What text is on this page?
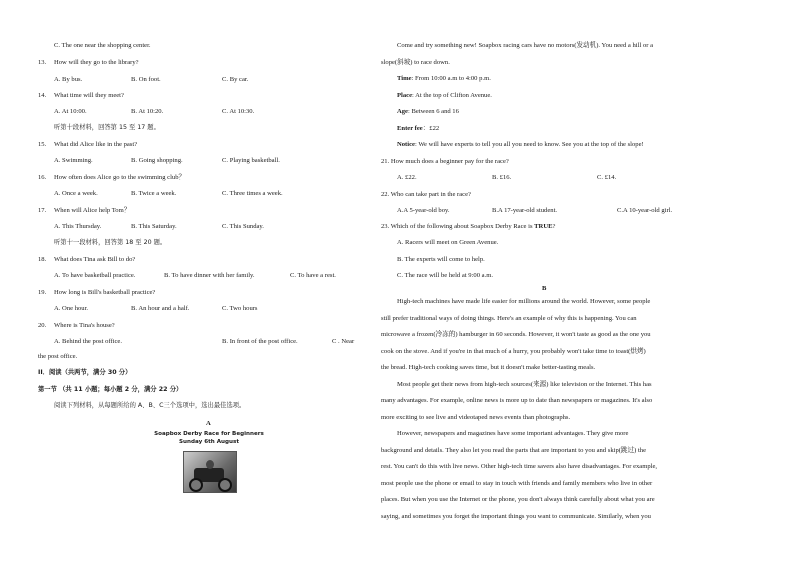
C. The one near the shopping center.
13. How will they go to the library?
A. By bus.	B. On foot.	C. By car.
14. What time will they meet?
A. At 10:00.	B. At 10:20.	C. At 10:30.
听第十段材料，回答第 15 至 17 题。
15. What did Alice like in the past?
A. Swimming.	B. Going shopping.	C. Playing basketball.
16. How often does Alice go to the swimming club？
A. Once a week.	B. Twice a week.	C. Three times a week.
17. When will Alice help Tom？
A. This Thursday.	B. This Saturday.	C. This Sunday.
听第十一段材料，回答第 18 至 20 题。
18. What does Tina ask Bill to do?
A. To have basketball practice.	B. To have dinner with her family.	C. To have a rest.
19. How long is Bill's basketball practice?
A. One hour.	B. An hour and a half.	C. Two hours
20. Where is Tina's house?
A. Behind the post office.	B. In front of the post office.	C . Near
the post office.
II．阅读（共两节，满分 30 分）
第一节 （共 11 小题；每小题 2 分，满分 22 分）
阅读下列材料，从每题所给的 A、B、C三个选项中，选出最佳选项。
A
Soapbox Derby Race for Beginners
Sunday 6th August
Come and try something new! Soapbox racing cars have no motors(发动机). You need a hill or a
slope(斜坡) to race down.
Time: From 10:00 a.m to 4:00 p.m.
Place: At the top of Clifton Avenue.
Age: Between 6 and 16
Enter fee：£22
Notice: We will have experts to tell you all you need to know. See you at the top of the slope!
21. How much does a beginner pay for the race?
A. £22.	B. £16.	C. £14.
22. Who can take part in the race?
A.A 5-year-old boy.	B.A 17-year-old student.	C.A 10-year-old girl.
23. Which of the following about Soapbox Derby Race is TRUE?
A. Racers will meet on Green Avenue.
B. The experts will come to help.
C. The race will be held at 9:00 a.m.
B
High-tech machines have made life easier for millions around the world. However, some people
still prefer traditional ways of doing things. Here's an example of why this is happening. You can
microwave a frozen(冷冻的) hamburger in 60 seconds. However, it won't taste as good as the one you
cook on the stove. And if you're in that much of a hurry, you probably won't take time to toast(烘烤)
the bread. High-tech cooking saves time, but it doesn't make better-tasting meals.
Most people get their news from high-tech sources(来源) like television or the Internet. This has
many advantages. For example, online news is more up to date than newspapers or magazines. It's also
more exciting to see live and videotaped news events than photographs.
However, newspapers and magazines have some important advantages. They give more
background and details. They also let you read the parts that are important to you and skip(跳过) the
rest. You can't do this with live news. Other high-tech time savers also have disadvantages. For example,
most people use the phone or email to stay in touch with friends and family members who live in other
places. But when you use the Internet or the phone, you don't always think carefully about what you are
saying, and sometimes you forget the important things you want to communicate. Similarly, when you
